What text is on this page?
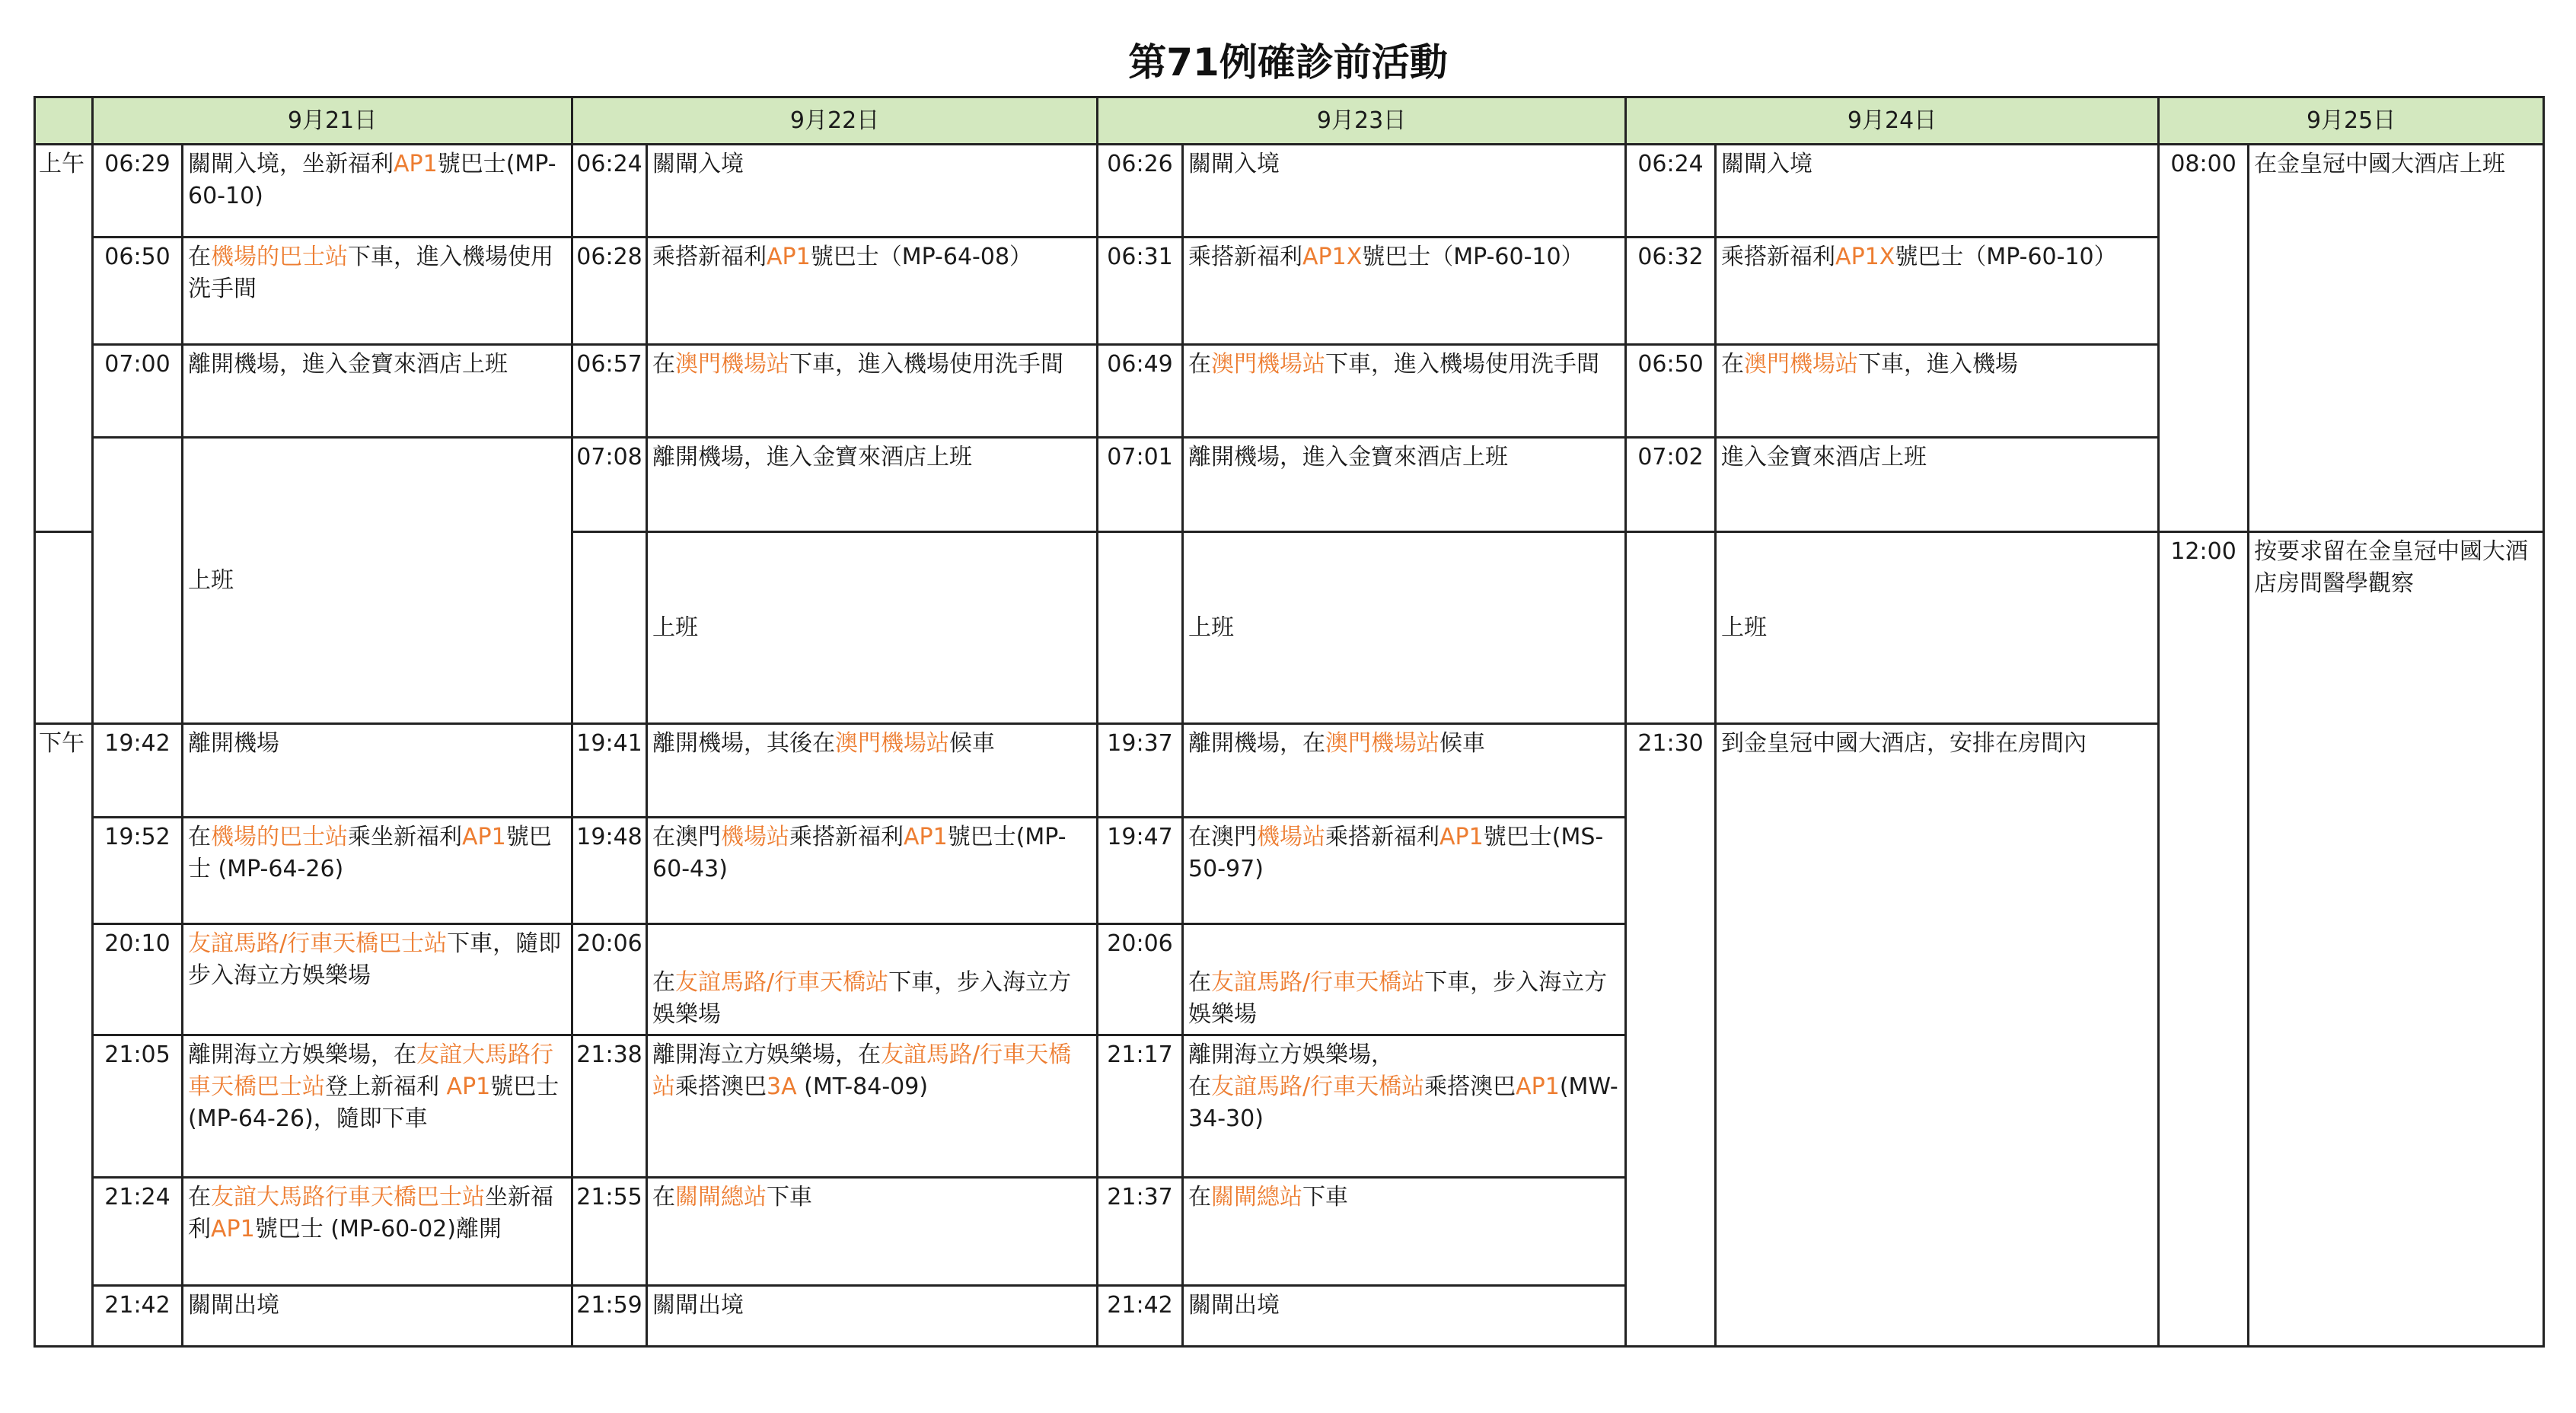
第71例確診前活動
	9月21日		9月22日		9月23日		9月24日		9月25日	
上午	06:29	關閘入境，坐新福利AP1號巴士(MP-60-10)	06:24	關閘入境	06:26	關閘入境	06:24	關閘入境	08:00	在金皇冠中國大酒店上班
	06:50	在機場的巴士站下車，進入機場使用洗手間	06:28	乘搭新福利AP1號巴士（MP-64-08）	06:31	乘搭新福利AP1X號巴士（MP-60-10）	06:32	乘搭新福利AP1X號巴士（MP-60-10）		
	07:00	離開機場，進入金寶來酒店上班	06:57	在澳門機場站下車，進入機場使用洗手間	06:49	在澳門機場站下車，進入機場使用洗手間	06:50	在澳門機場站下車，進入機場		
		上班	07:08	離開機場，進入金寶來酒店上班	07:01	離開機場，進入金寶來酒店上班	07:02	進入金寶來酒店上班		
				上班		上班		上班	12:00	按要求留在金皇冠中國大酒店房間醫學觀察
下午	19:42	離開機場	19:41	離開機場，其後在澳門機場站候車	19:37	離開機場，在澳門機場站候車	21:30	到金皇冠中國大酒店，安排在房間內		
	19:52	在機場的巴士站乘坐新福利AP1號巴士 (MP-64-26)	19:48	在澳門機場站乘搭新福利AP1號巴士(MP-60-43)	19:47	在澳門機場站乘搭新福利AP1號巴士(MS-50-97)				
	20:10	友誼馬路/行車天橋巴士站下車，隨即步入海立方娛樂場	20:06	在友誼馬路/行車天橋站下車，步入海立方娛樂場	20:06	在友誼馬路/行車天橋站下車，步入海立方娛樂場				
	21:05	離開海立方娛樂場，在友誼大馬路行車天橋巴士站登上新福利 AP1號巴士 (MP-64-26)，隨即下車	21:38	離開海立方娛樂場，在友誼馬路/行車天橋站乘搭澳巴3A (MT-84-09)	21:17	離開海立方娛樂場，
在友誼馬路/行車天橋站乘搭澳巴AP1(MW-34-30)				
	21:24	在友誼大馬路行車天橋巴士站坐新福利AP1號巴士 (MP-60-02)離開	21:55	在關閘總站下車	21:37	在關閘總站下車				
	21:42	關閘出境	21:59	關閘出境	21:42	關閘出境				
